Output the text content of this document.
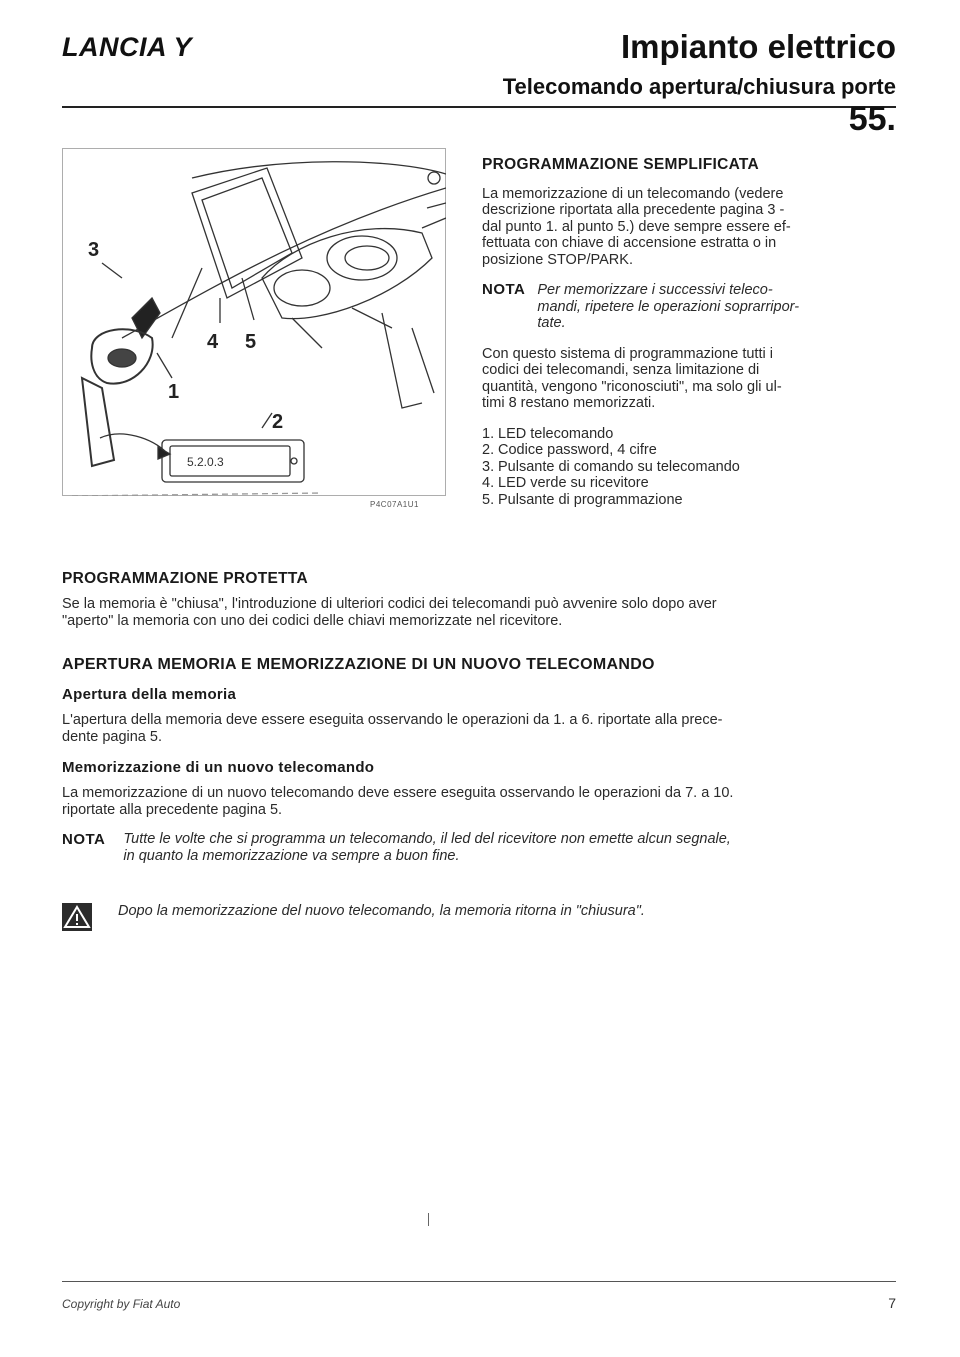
LANCIA Y	Impianto elettrico
Telecomando apertura/chiusura porte
55.
3
4 5
1
2
5.2.0.3
P4C07A1U1
PROGRAMMAZIONE SEMPLIFICATA

La memorizzazione di un telecomando (vedere
descrizione riportata alla precedente pagina 3 -
dal punto 1. al punto 5.) deve sempre essere ef-
fettuata con chiave di accensione estratta o in
posizione STOP/PARK.

NOTA Per memorizzare i successivi teleco-
mandi, ripetere le operazioni soprarripor-
tate.

Con questo sistema di programmazione tutti i
codici dei telecomandi, senza limitazione di
quantità, vengono "riconosciuti", ma solo gli ul-
timi 8 restano memorizzati.

1. LED telecomando
2. Codice password, 4 cifre
3. Pulsante di comando su telecomando
4. LED verde su ricevitore
5. Pulsante di programmazione
PROGRAMMAZIONE PROTETTA

Se la memoria è "chiusa", l'introduzione di ulteriori codici dei telecomandi può avvenire solo dopo aver
"aperto" la memoria con uno dei codici delle chiavi memorizzate nel ricevitore.

APERTURA MEMORIA E MEMORIZZAZIONE DI UN NUOVO TELECOMANDO
Apertura della memoria

L'apertura della memoria deve essere eseguita osservando le operazioni da 1. a 6. riportate alla prece-
dente pagina 5.

Memorizzazione di un nuovo telecomando

La memorizzazione di un nuovo telecomando deve essere eseguita osservando le operazioni da 7. a 10.
riportate alla precedente pagina 5.

NOTA Tutte le volte che si programma un telecomando, il led del ricevitore non emette alcun segnale,
in quanto la memorizzazione va sempre a buon fine.
Dopo la memorizzazione del nuovo telecomando, la memoria ritorna in "chiusura".
Copyright by Fiat Auto	7
